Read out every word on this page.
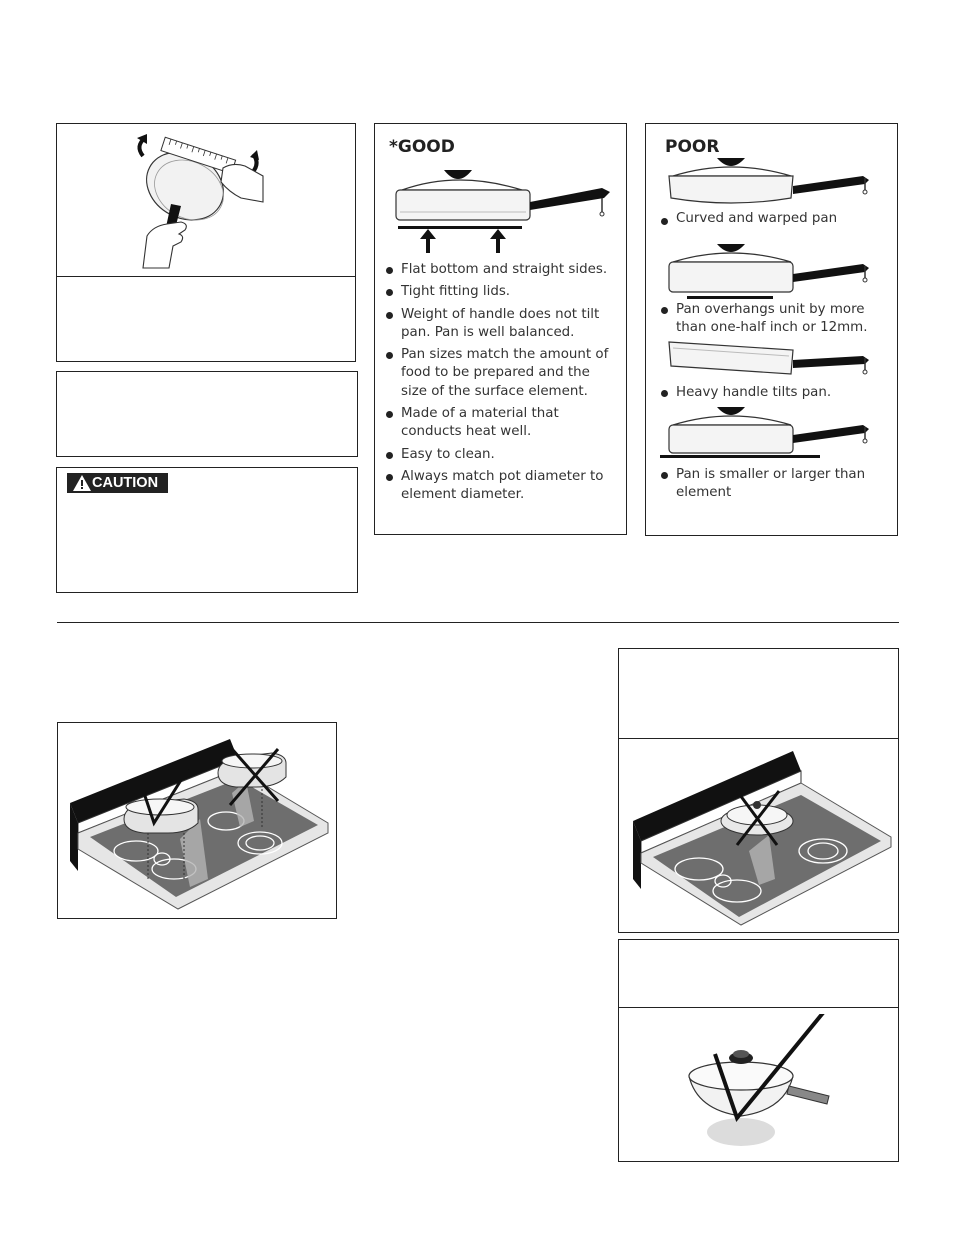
CAUTION
*GOOD
Flat bottom and straight sides.
Tight fitting lids.
Weight of handle does not tilt pan. Pan is well balanced.
Pan sizes match the amount of food to be prepared and the size of the surface element.
Made of a material that conducts heat well.
Easy to clean.
Always match pot diameter to element diameter.
POOR
Curved and warped pan
Pan overhangs unit by more than one-half inch or 12mm.
Heavy handle tilts pan.
Pan is smaller or larger than element
